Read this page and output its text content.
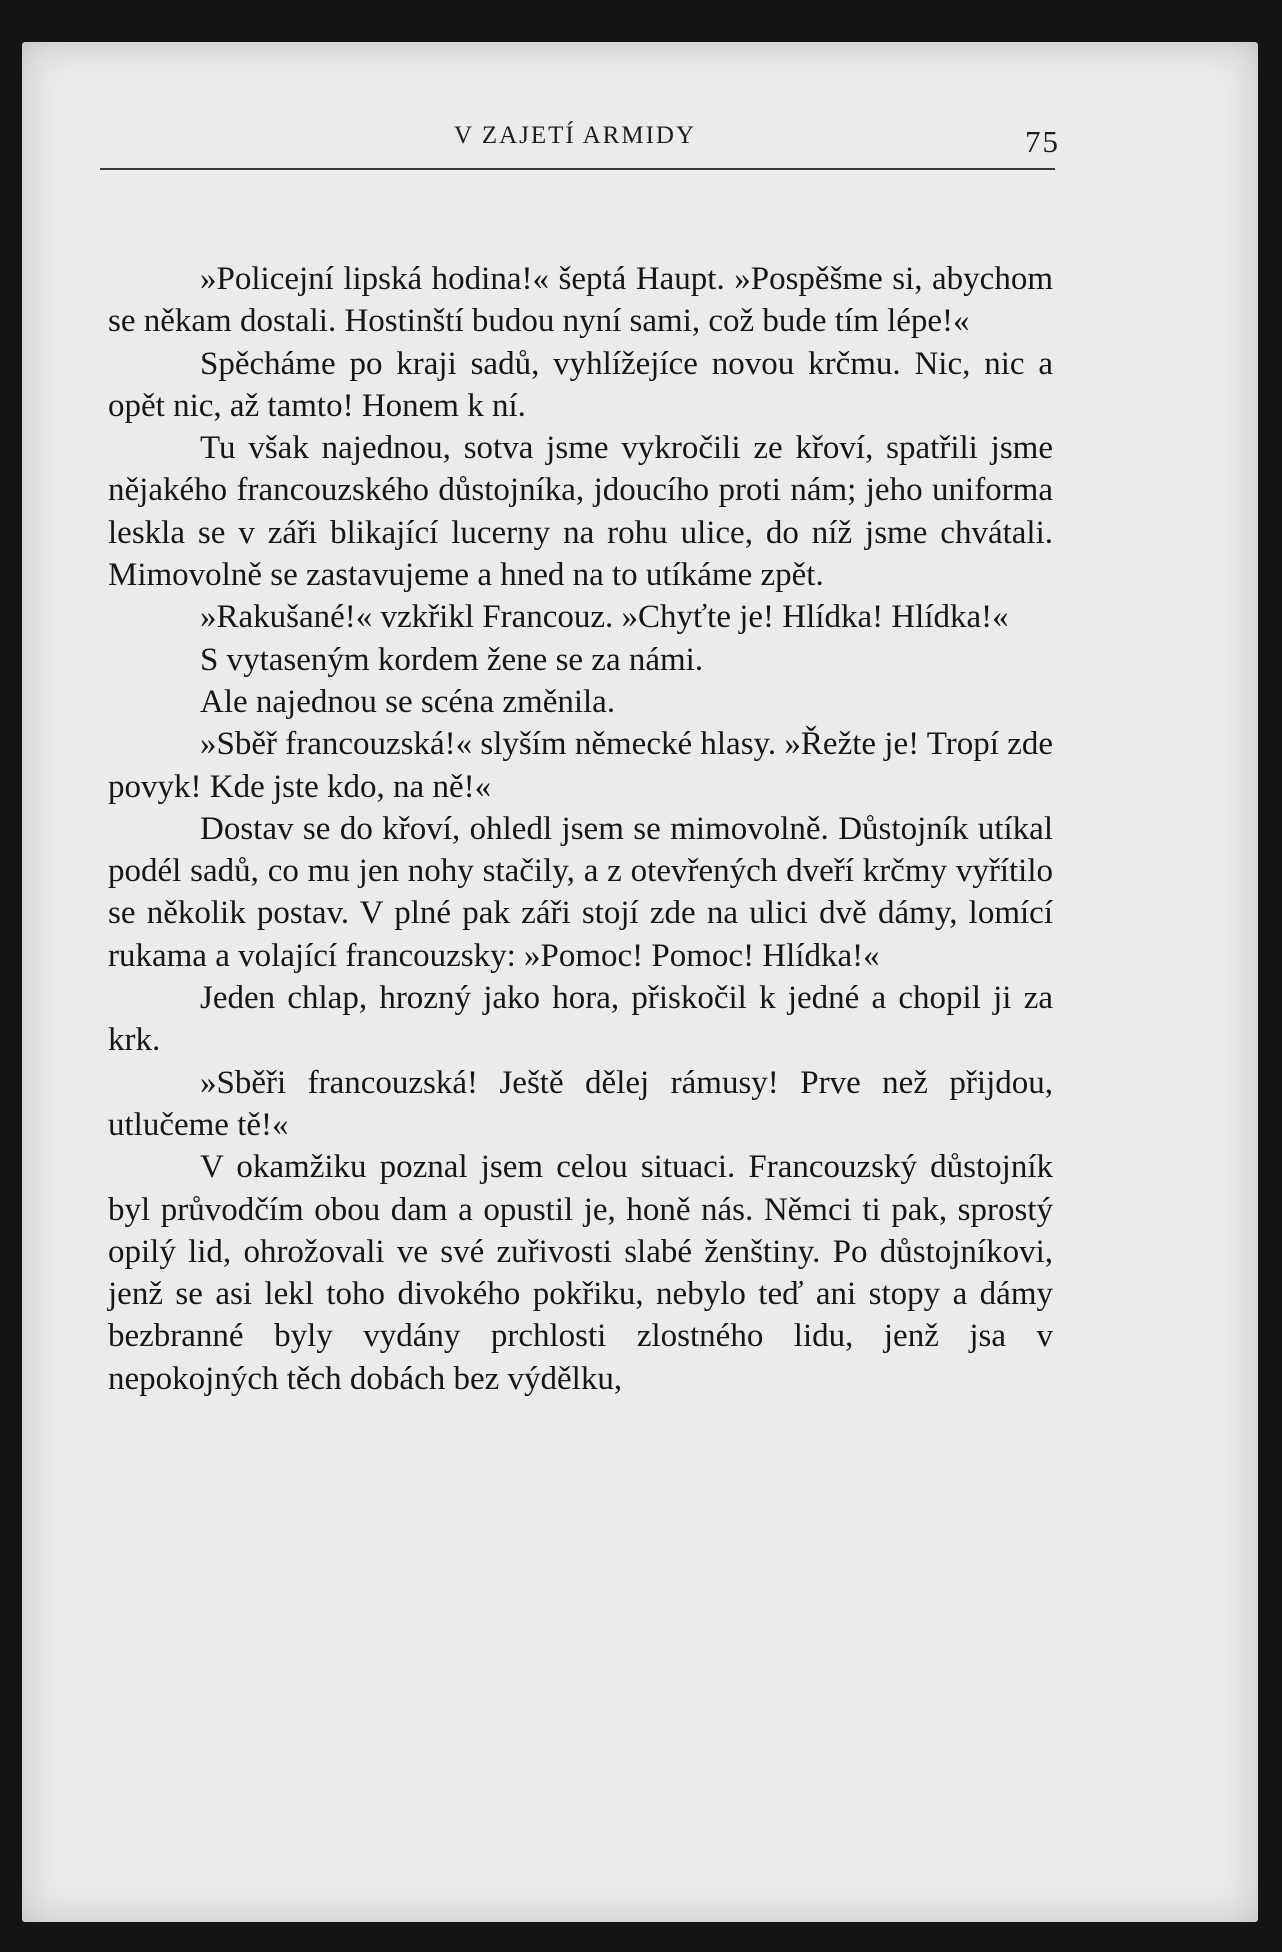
V ZAJETÍ ARMIDY	75

»Policejní lipská hodina!« šeptá Haupt. »Pospěšme si, abychom se někam dostali. Hostinští budou nyní sami, což bude tím lépe!«

Spěcháme po kraji sadů, vyhlížejíce novou krčmu. Nic, nic a opět nic, až tamto! Honem k ní.

Tu však najednou, sotva jsme vykročili ze křoví, spatřili jsme nějakého francouzského důstojníka, jdoucího proti nám; jeho uniforma leskla se v záři blikající lucerny na rohu ulice, do níž jsme chvátali. Mimovolně se zastavujeme a hned na to utíkáme zpět.

»Rakušané!« vzkřikl Francouz. »Chyťte je! Hlídka! Hlídka!«

S vytaseným kordem žene se za námi.

Ale najednou se scéna změnila.

»Sběř francouzská!« slyším německé hlasy. »Řežte je! Tropí zde povyk! Kde jste kdo, na ně!«

Dostav se do křoví, ohledl jsem se mimovolně. Důstojník utíkal podél sadů, co mu jen nohy stačily, a z otevřených dveří krčmy vyřítilo se několik postav. V plné pak záři stojí zde na ulici dvě dámy, lomící rukama a volající francouzsky: »Pomoc! Pomoc! Hlídka!«

Jeden chlap, hrozný jako hora, přiskočil k jedné a chopil ji za krk.

»Sběři francouzská! Ještě dělej rámusy! Prve než přijdou, utlučeme tě!«

V okamžiku poznal jsem celou situaci. Francouzský důstojník byl průvodčím obou dam a opustil je, honě nás. Němci ti pak, sprostý opilý lid, ohrožovali ve své zuřivosti slabé ženštiny. Po důstojníkovi, jenž se asi lekl toho divokého pokřiku, nebylo teď ani stopy a dámy bezbranné byly vydány prchlosti zlostného lidu, jenž jsa v nepokojných těch dobách bez výdělku,
